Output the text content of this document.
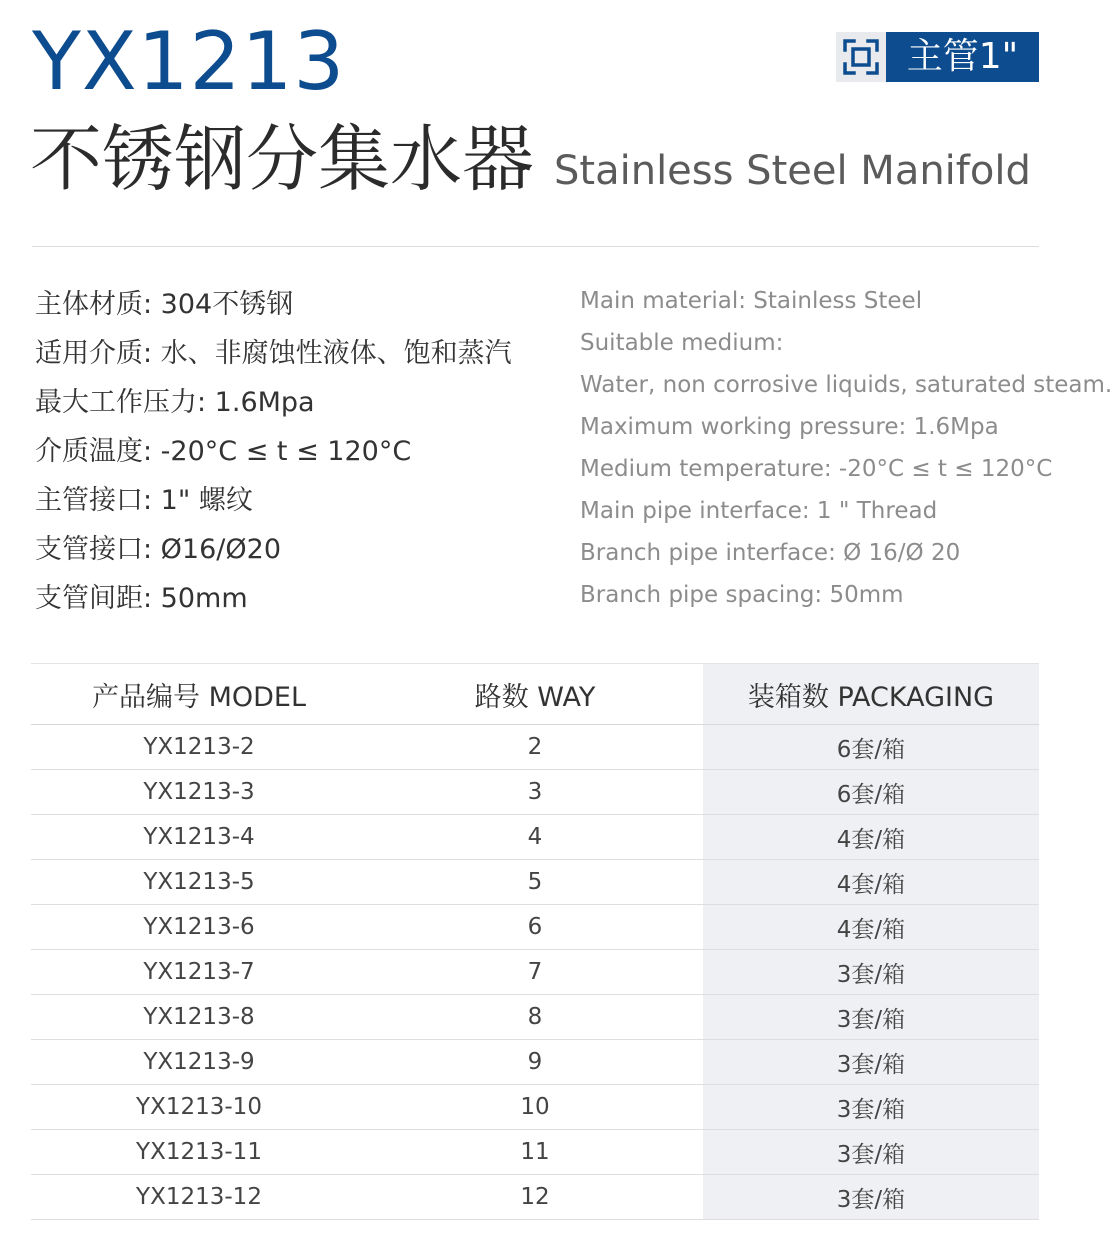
YX1213	主管1"
不锈钢分集水器 Stainless Steel Manifold
主体材质: 304不锈钢
适用介质: 水、非腐蚀性液体、饱和蒸汽
最大工作压力: 1.6Mpa
介质温度: -20°C ≤ t ≤ 120°C
主管接口: 1" 螺纹
支管接口: Ø16/Ø20
支管间距: 50mm
Main material: Stainless Steel
Suitable medium:
Water, non corrosive liquids, saturated steam.
Maximum working pressure: 1.6Mpa
Medium temperature: -20°C ≤ t ≤ 120°C
Main pipe interface: 1 " Thread
Branch pipe interface: Ø 16/Ø 20
Branch pipe spacing: 50mm
产品编号 MODEL	路数 WAY	装箱数 PACKAGING
YX1213-2	2	6套/箱
YX1213-3	3	6套/箱
YX1213-4	4	4套/箱
YX1213-5	5	4套/箱
YX1213-6	6	4套/箱
YX1213-7	7	3套/箱
YX1213-8	8	3套/箱
YX1213-9	9	3套/箱
YX1213-10	10	3套/箱
YX1213-11	11	3套/箱
YX1213-12	12	3套/箱
